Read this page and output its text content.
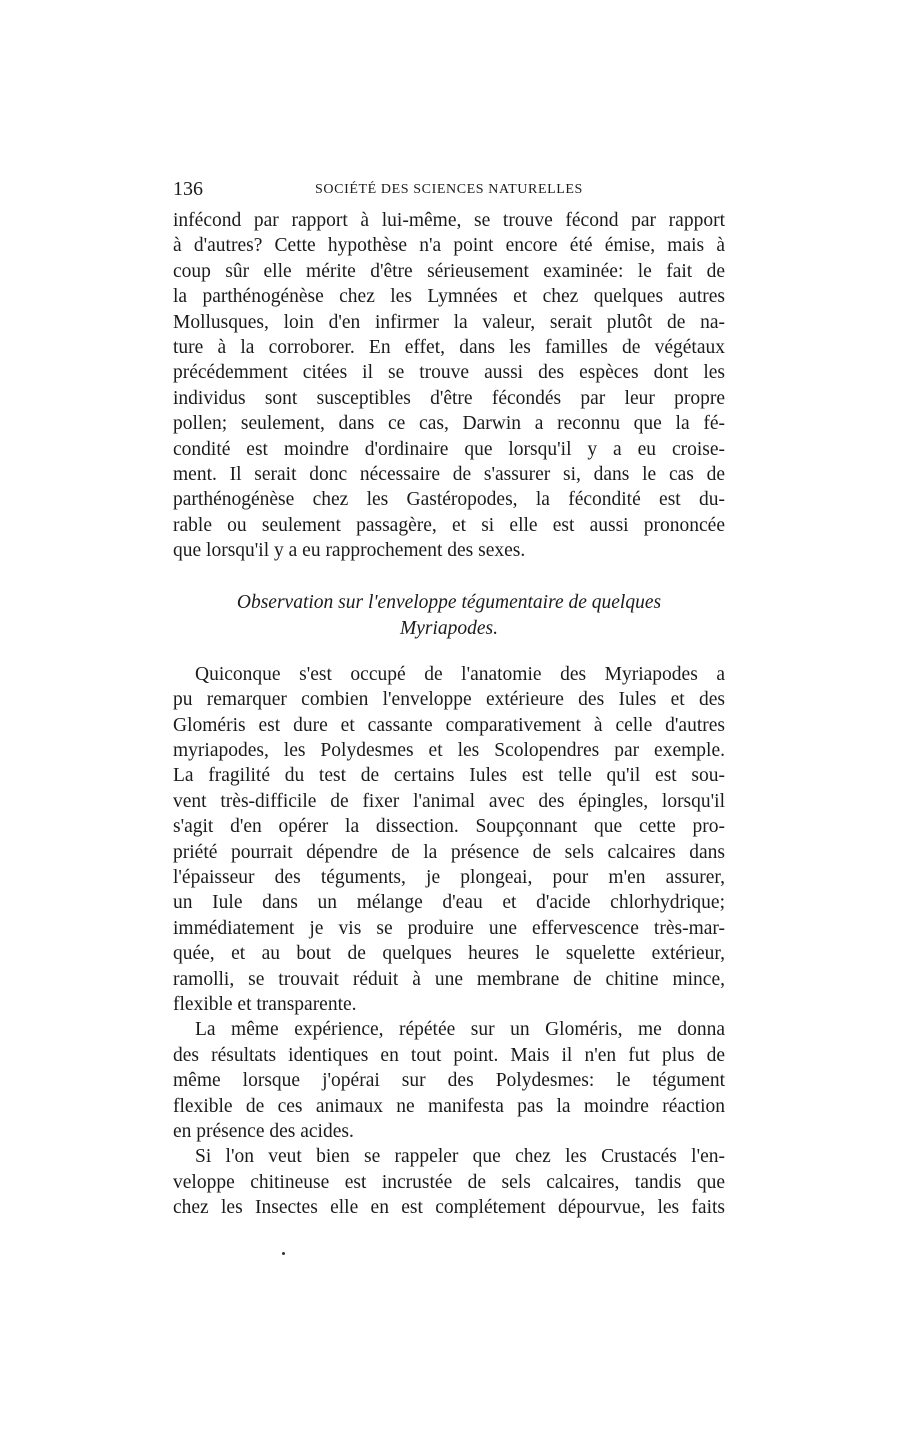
136	SOCIÉTÉ DES SCIENCES NATURELLES
infécond par rapport à lui-même, se trouve fécond par rapport
à d'autres? Cette hypothèse n'a point encore été émise, mais à
coup sûr elle mérite d'être sérieusement examinée: le fait de
la parthénogénèse chez les Lymnées et chez quelques autres
Mollusques, loin d'en infirmer la valeur, serait plutôt de na-
ture à la corroborer. En effet, dans les familles de végétaux
précédemment citées il se trouve aussi des espèces dont les
individus sont susceptibles d'être fécondés par leur propre
pollen; seulement, dans ce cas, Darwin a reconnu que la fé-
condité est moindre d'ordinaire que lorsqu'il y a eu croise-
ment. Il serait donc nécessaire de s'assurer si, dans le cas de
parthénogénèse chez les Gastéropodes, la fécondité est du-
rable ou seulement passagère, et si elle est aussi prononcée
que lorsqu'il y a eu rapprochement des sexes.
Observation sur l'enveloppe tégumentaire de quelques
Myriapodes.
Quiconque s'est occupé de l'anatomie des Myriapodes a
pu remarquer combien l'enveloppe extérieure des Iules et des
Gloméris est dure et cassante comparativement à celle d'autres
myriapodes, les Polydesmes et les Scolopendres par exemple.
La fragilité du test de certains Iules est telle qu'il est sou-
vent très-difficile de fixer l'animal avec des épingles, lorsqu'il
s'agit d'en opérer la dissection. Soupçonnant que cette pro-
priété pourrait dépendre de la présence de sels calcaires dans
l'épaisseur des téguments, je plongeai, pour m'en assurer,
un Iule dans un mélange d'eau et d'acide chlorhydrique;
immédiatement je vis se produire une effervescence très-mar-
quée, et au bout de quelques heures le squelette extérieur,
ramolli, se trouvait réduit à une membrane de chitine mince,
flexible et transparente.
La même expérience, répétée sur un Gloméris, me donna
des résultats identiques en tout point. Mais il n'en fut plus de
même lorsque j'opérai sur des Polydesmes: le tégument
flexible de ces animaux ne manifesta pas la moindre réaction
en présence des acides.
Si l'on veut bien se rappeler que chez les Crustacés l'en-
veloppe chitineuse est incrustée de sels calcaires, tandis que
chez les Insectes elle en est complétement dépourvue, les faits
